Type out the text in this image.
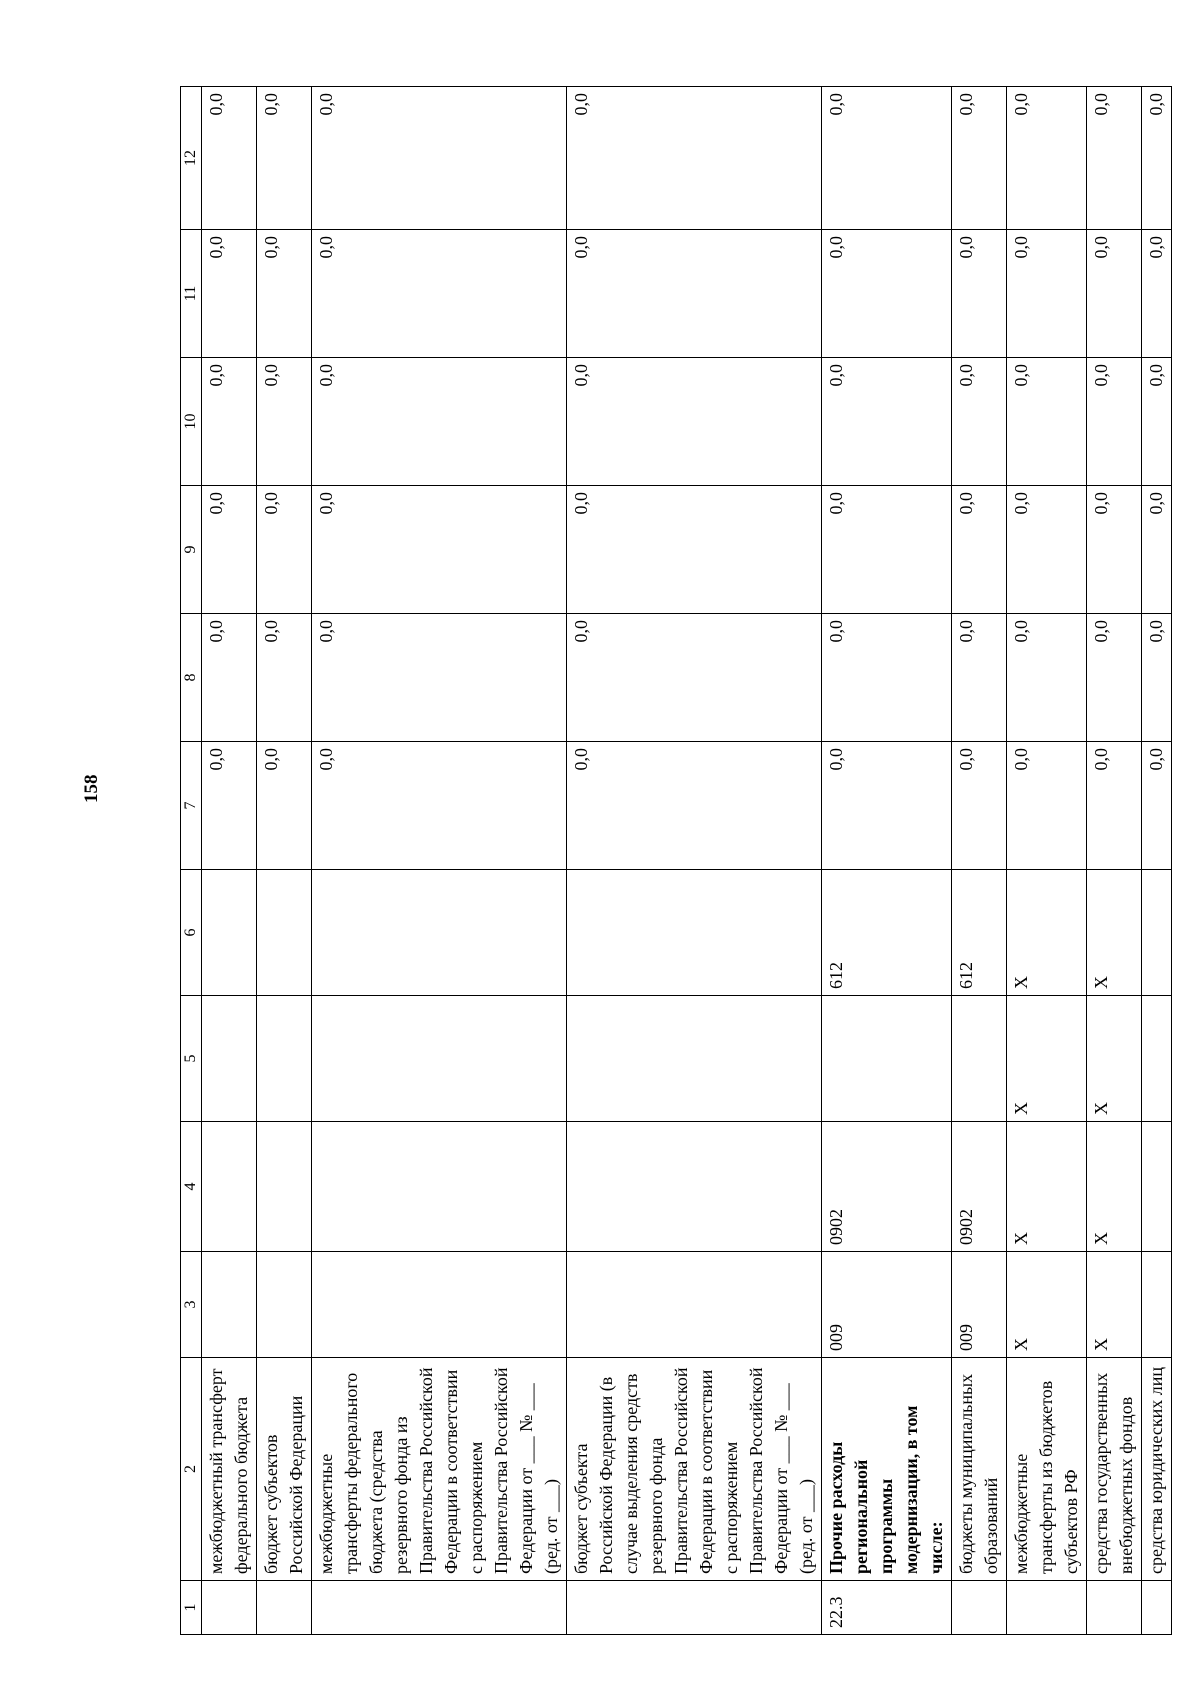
158
1	2	3	4	5	6	7	8	9	10	11	12
	межбюджетный трансферт федерального бюджета					0,0	0,0	0,0	0,0	0,0	0,0
	бюджет субъектов Российской Федерации					0,0	0,0	0,0	0,0	0,0	0,0
	межбюджетные трансферты федерального бюджета (средства резервного фонда из Правительства Российской Федерации в соответствии с распоряжением Правительства Российской Федерации от ___ № ___ (ред. от ___)					0,0	0,0	0,0	0,0	0,0	0,0
	бюджет субъекта Российской Федерации (в случае выделения средств резервного фонда Правительства Российской Федерации в соответствии с распоряжением Правительства Российской Федерации от ___ № ___ (ред. от ___)					0,0	0,0	0,0	0,0	0,0	0,0
22.3	Прочие расходы региональной программы модернизации, в том числе:	009	0902		612	0,0	0,0	0,0	0,0	0,0	0,0
	бюджеты муниципальных образований	009	0902		612	0,0	0,0	0,0	0,0	0,0	0,0
	межбюджетные трансферты из бюджетов субъектов РФ	X	X	X	X	0,0	0,0	0,0	0,0	0,0	0,0
	средства государственных внебюджетных фондов	X	X	X	X	0,0	0,0	0,0	0,0	0,0	0,0
	средства юридических лиц					0,0	0,0	0,0	0,0	0,0	0,0
